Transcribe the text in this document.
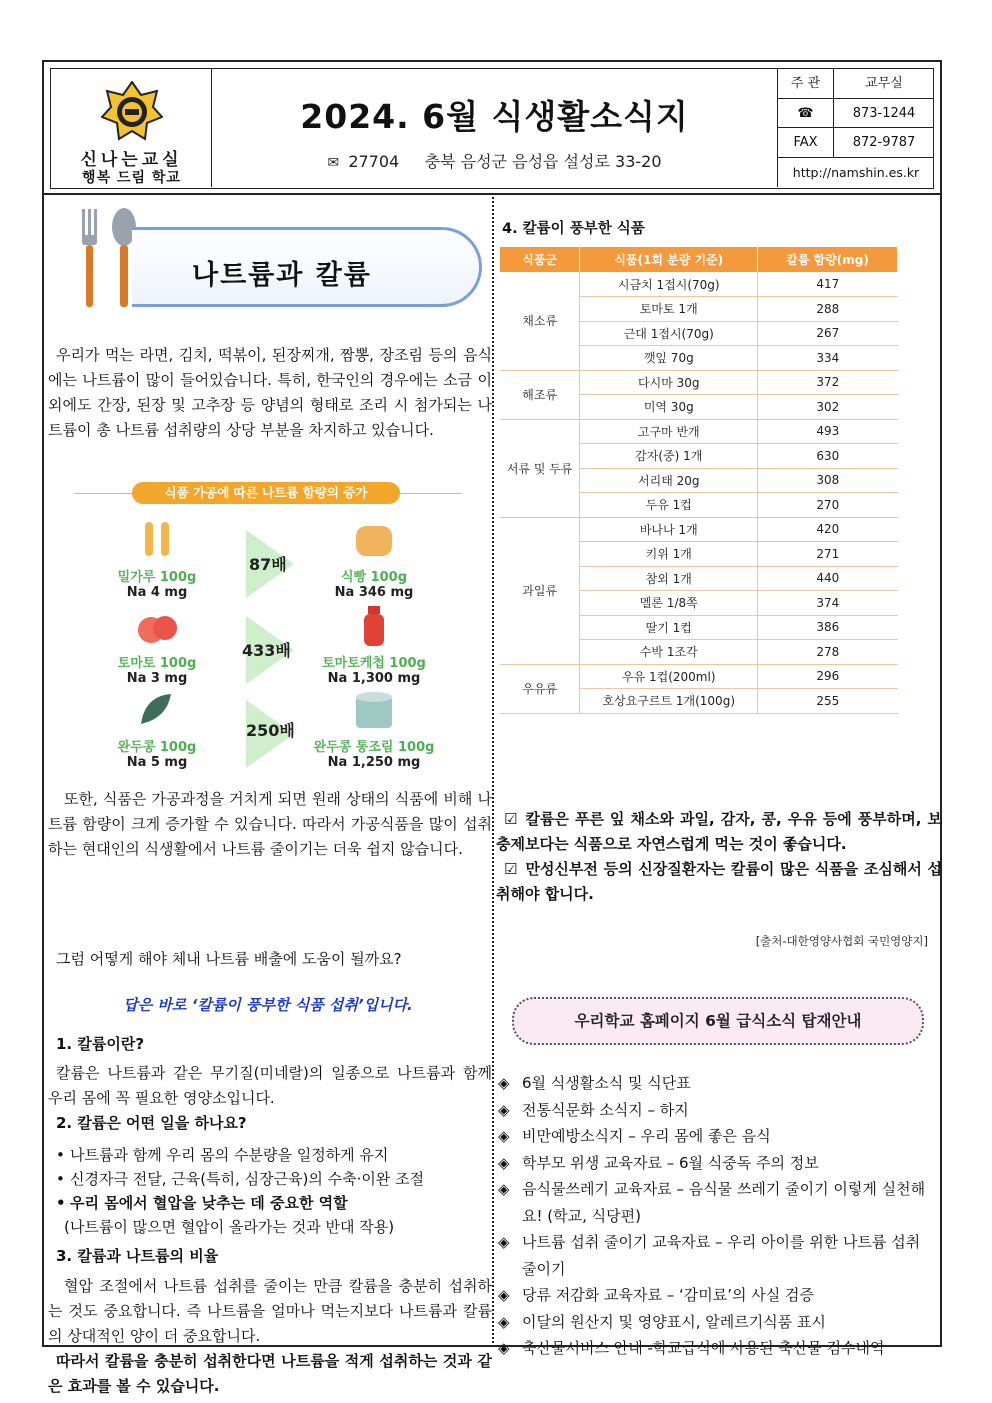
신나는교실
행복 드림 학교
2024. 6월 식생활소식지
✉ 27704 충북 음성군 음성읍 설성로 33-20
주 관	교무실
☎	873-1244
FAX	872-9787
http://namshin.es.kr
나트륨과 칼륨
우리가 먹는 라면, 김치, 떡볶이, 된장찌개, 짬뽕, 장조림 등의 음식에는 나트륨이 많이 들어있습니다. 특히, 한국인의 경우에는 소금 이외에도 간장, 된장 및 고추장 등 양념의 형태로 조리 시 첨가되는 나트륨이 총 나트륨 섭취량의 상당 부분을 차지하고 있습니다.
식품 가공에 따른 나트륨 함량의 증가
밀가루 100g
Na 4 mg
87배
식빵 100g
Na 346 mg
토마토 100g
Na 3 mg
433배
토마토케첩 100g
Na 1,300 mg
완두콩 100g
Na 5 mg
250배
완두콩 통조림 100g
Na 1,250 mg
또한, 식품은 가공과정을 거치게 되면 원래 상태의 식품에 비해 나트륨 함량이 크게 증가할 수 있습니다. 따라서 가공식품을 많이 섭취하는 현대인의 식생활에서 나트륨 줄이기는 더욱 쉽지 않습니다.
그럼 어떻게 해야 체내 나트륨 배출에 도움이 될까요?
답은 바로 ‘칼륨이 풍부한 식품 섭취’입니다.
1. 칼륨이란?
칼륨은 나트륨과 같은 무기질(미네랄)의 일종으로 나트륨과 함께 우리 몸에 꼭 필요한 영양소입니다.
2. 칼륨은 어떤 일을 하나요?
• 나트륨과 함께 우리 몸의 수분량을 일정하게 유지
• 신경자극 전달, 근육(특히, 심장근육)의 수축·이완 조절
• 우리 몸에서 혈압을 낮추는 데 중요한 역할
(나트륨이 많으면 혈압이 올라가는 것과 반대 작용)
3. 칼륨과 나트륨의 비율
혈압 조절에서 나트륨 섭취를 줄이는 만큼 칼륨을 충분히 섭취하는 것도 중요합니다. 즉 나트륨을 얼마나 먹는지보다 나트륨과 칼륨의 상대적인 양이 더 중요합니다.
따라서 칼륨을 충분히 섭취한다면 나트륨을 적게 섭취하는 것과 같은 효과를 볼 수 있습니다.
4. 칼륨이 풍부한 식품
식품군	식품(1회 분량 기준)	칼륨 함량(mg)
채소류	시금치 1접시(70g)	417
	토마토 1개	288
	근대 1접시(70g)	267
	깻잎 70g	334
해조류	다시마 30g	372
	미역 30g	302
서류 및 두류	고구마 반개	493
	감자(중) 1개	630
	서리태 20g	308
	두유 1컵	270
과일류	바나나 1개	420
	키위 1개	271
	참외 1개	440
	멜론 1/8쪽	374
	딸기 1컵	386
	수박 1조각	278
우유류	우유 1컵(200ml)	296
	호상요구르트 1개(100g)	255
☑ 칼륨은 푸른 잎 채소와 과일, 감자, 콩, 우유 등에 풍부하며, 보충제보다는 식품으로 자연스럽게 먹는 것이 좋습니다.
☑ 만성신부전 등의 신장질환자는 칼륨이 많은 식품을 조심해서 섭취해야 합니다.
[출처-대한영양사협회 국민영양지]
우리학교 홈페이지 6월 급식소식 탑재안내
◈ 6월 식생활소식 및 식단표
◈ 전통식문화 소식지 – 하지
◈ 비만예방소식지 – 우리 몸에 좋은 음식
◈ 학부모 위생 교육자료 – 6월 식중독 주의 정보
◈ 음식물쓰레기 교육자료 – 음식물 쓰레기 줄이기 이렇게 실천해요! (학교, 식당편)
◈ 나트륨 섭취 줄이기 교육자료 – 우리 아이를 위한 나트륨 섭취 줄이기
◈ 당류 저감화 교육자료 – ‘감미료’의 사실 검증
◈ 이달의 원산지 및 영양표시, 알레르기식품 표시
◈ 축산물서비스 안내 -학교급식에 사용된 축산물 검수내역
